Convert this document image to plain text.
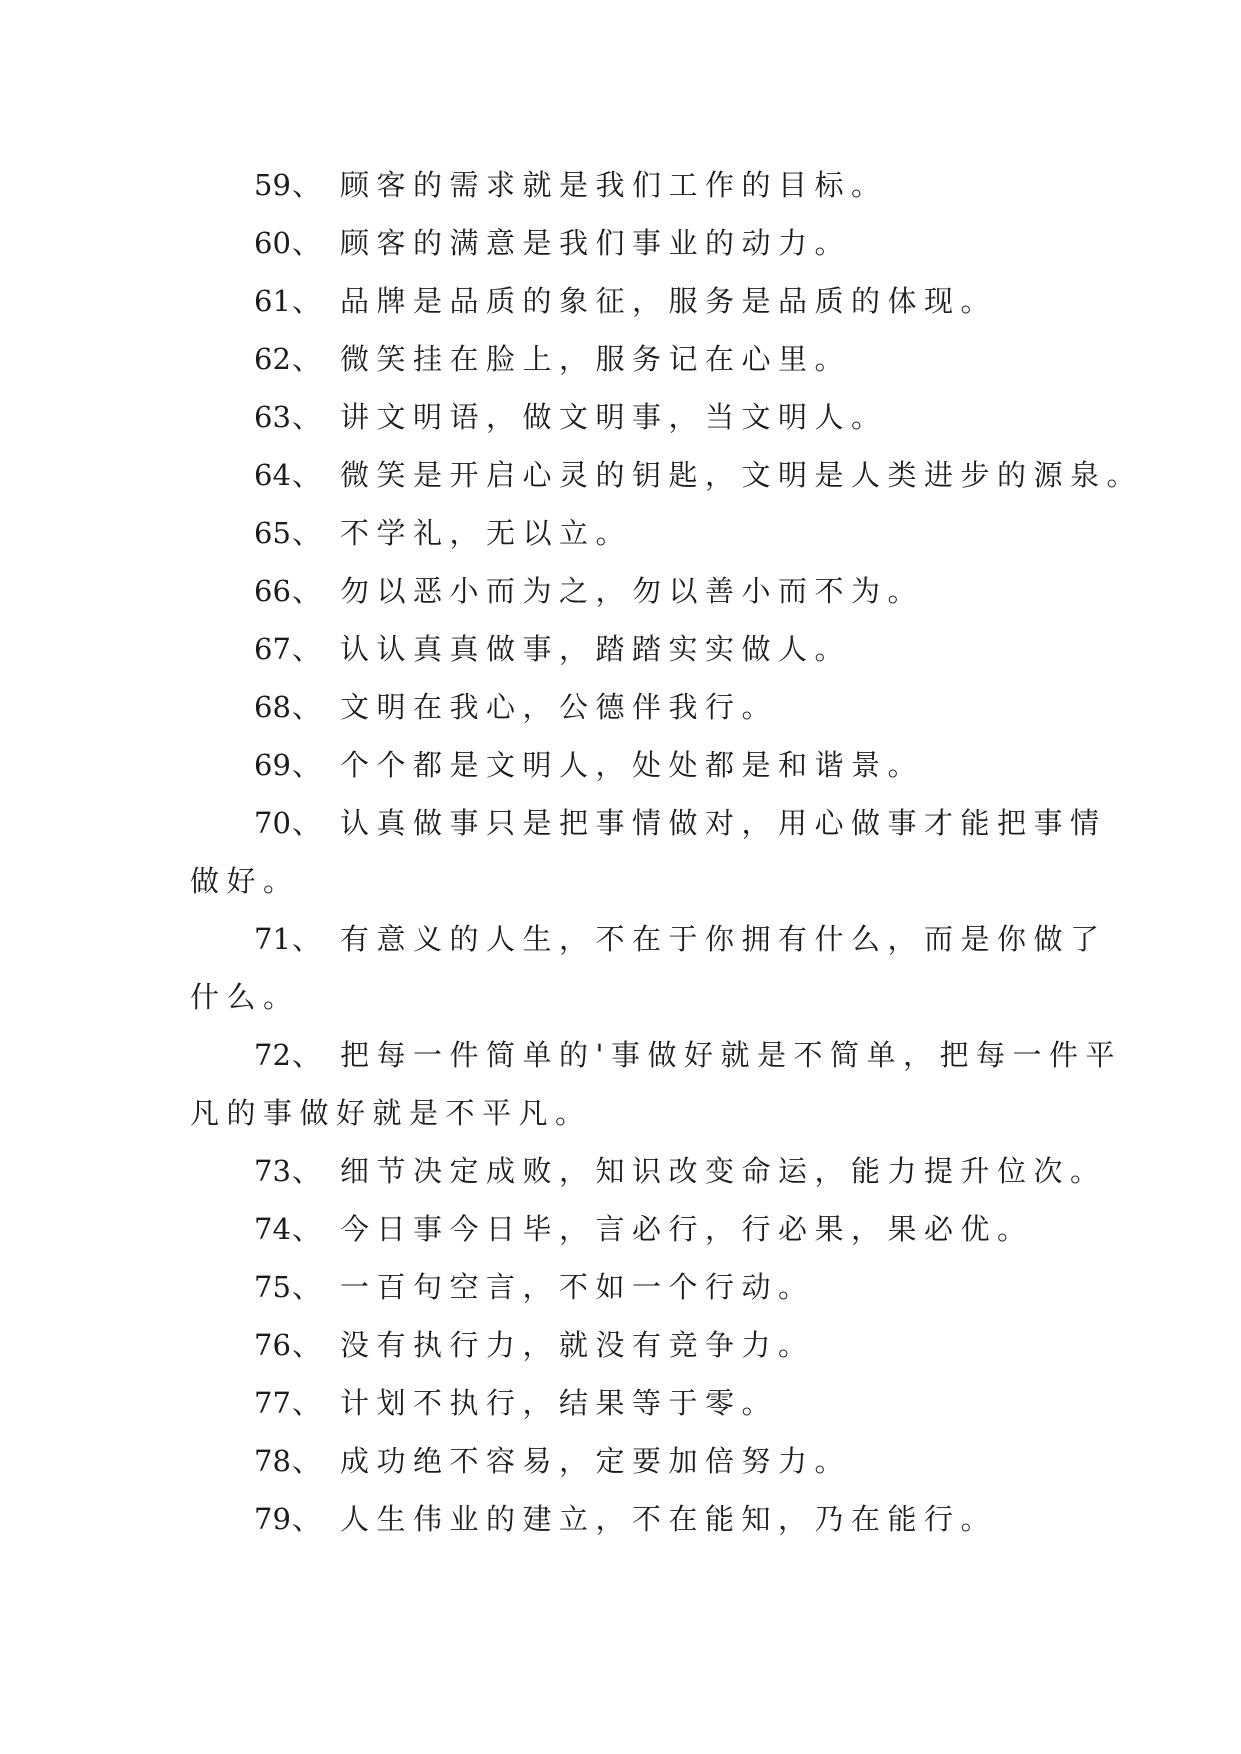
59 、 顾客的需求就是我们工作的目标。
60 、 顾客的满意是我们事业的动力。
61 、 品牌是品质的象征，服务是品质的体现。
62 、 微笑挂在脸上，服务记在心里。
63 、 讲文明语，做文明事，当文明人。
64 、 微笑是开启心灵的钥匙，文明是人类进步的源泉。
65 、 不学礼，无以立。
66 、 勿以恶小而为之，勿以善小而不为。
67 、 认认真真做事，踏踏实实做人。
68 、 文明在我心，公德伴我行。
69 、 个个都是文明人，处处都是和谐景。
70 、 认真做事只是把事情做对，用心做事才能把事情
做好。
71 、 有意义的人生，不在于你拥有什么，而是你做了
什么。
72 、 把每一件简单的'事做好就是不简单，把每一件平
凡的事做好就是不平凡。
73 、 细节决定成败，知识改变命运，能力提升位次。
74 、 今日事今日毕，言必行，行必果，果必优。
75 、 一百句空言，不如一个行动。
76 、 没有执行力，就没有竞争力。
77 、 计划不执行，结果等于零。
78 、 成功绝不容易，定要加倍努力。
79 、 人生伟业的建立，不在能知，乃在能行。
